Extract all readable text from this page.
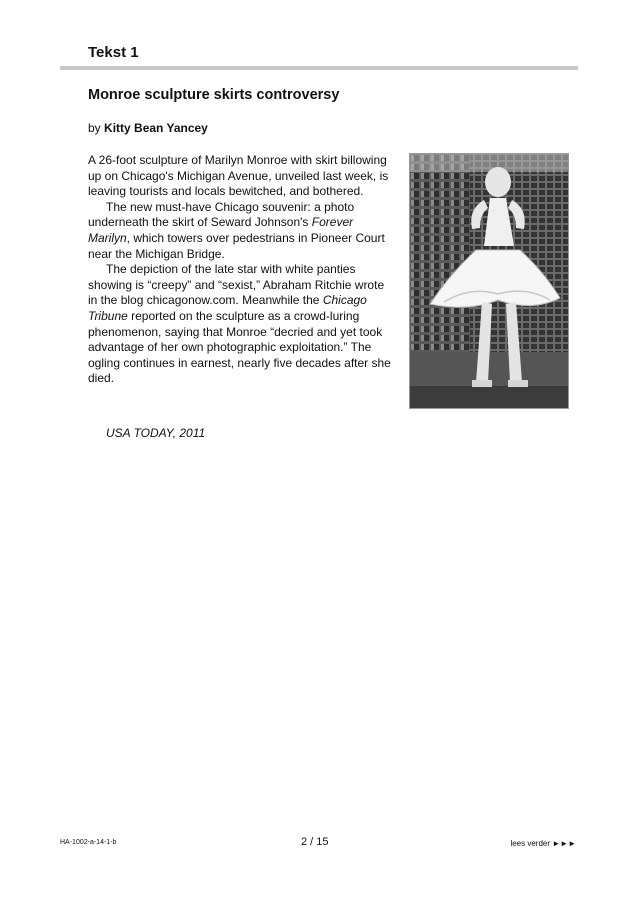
Tekst 1
Monroe sculpture skirts controversy
by Kitty Bean Yancey

A 26-foot sculpture of Marilyn Monroe with skirt billowing up on Chicago's Michigan Avenue, unveiled last week, is leaving tourists and locals bewitched, and bothered.

The new must-have Chicago souvenir: a photo underneath the skirt of Seward Johnson's Forever Marilyn, which towers over pedestrians in Pioneer Court near the Michigan Bridge.

The depiction of the late star with white panties showing is “creepy” and “sexist,” Abraham Ritchie wrote in the blog chicagonow.com. Meanwhile the Chicago Tribune reported on the sculpture as a crowd-luring phenomenon, saying that Monroe “decried and yet took advantage of her own photographic exploitation.” The ogling continues in earnest, nearly five decades after she died.

USA TODAY, 2011
HA-1002-a-14-1-b	2 / 15	lees verder ►►►
